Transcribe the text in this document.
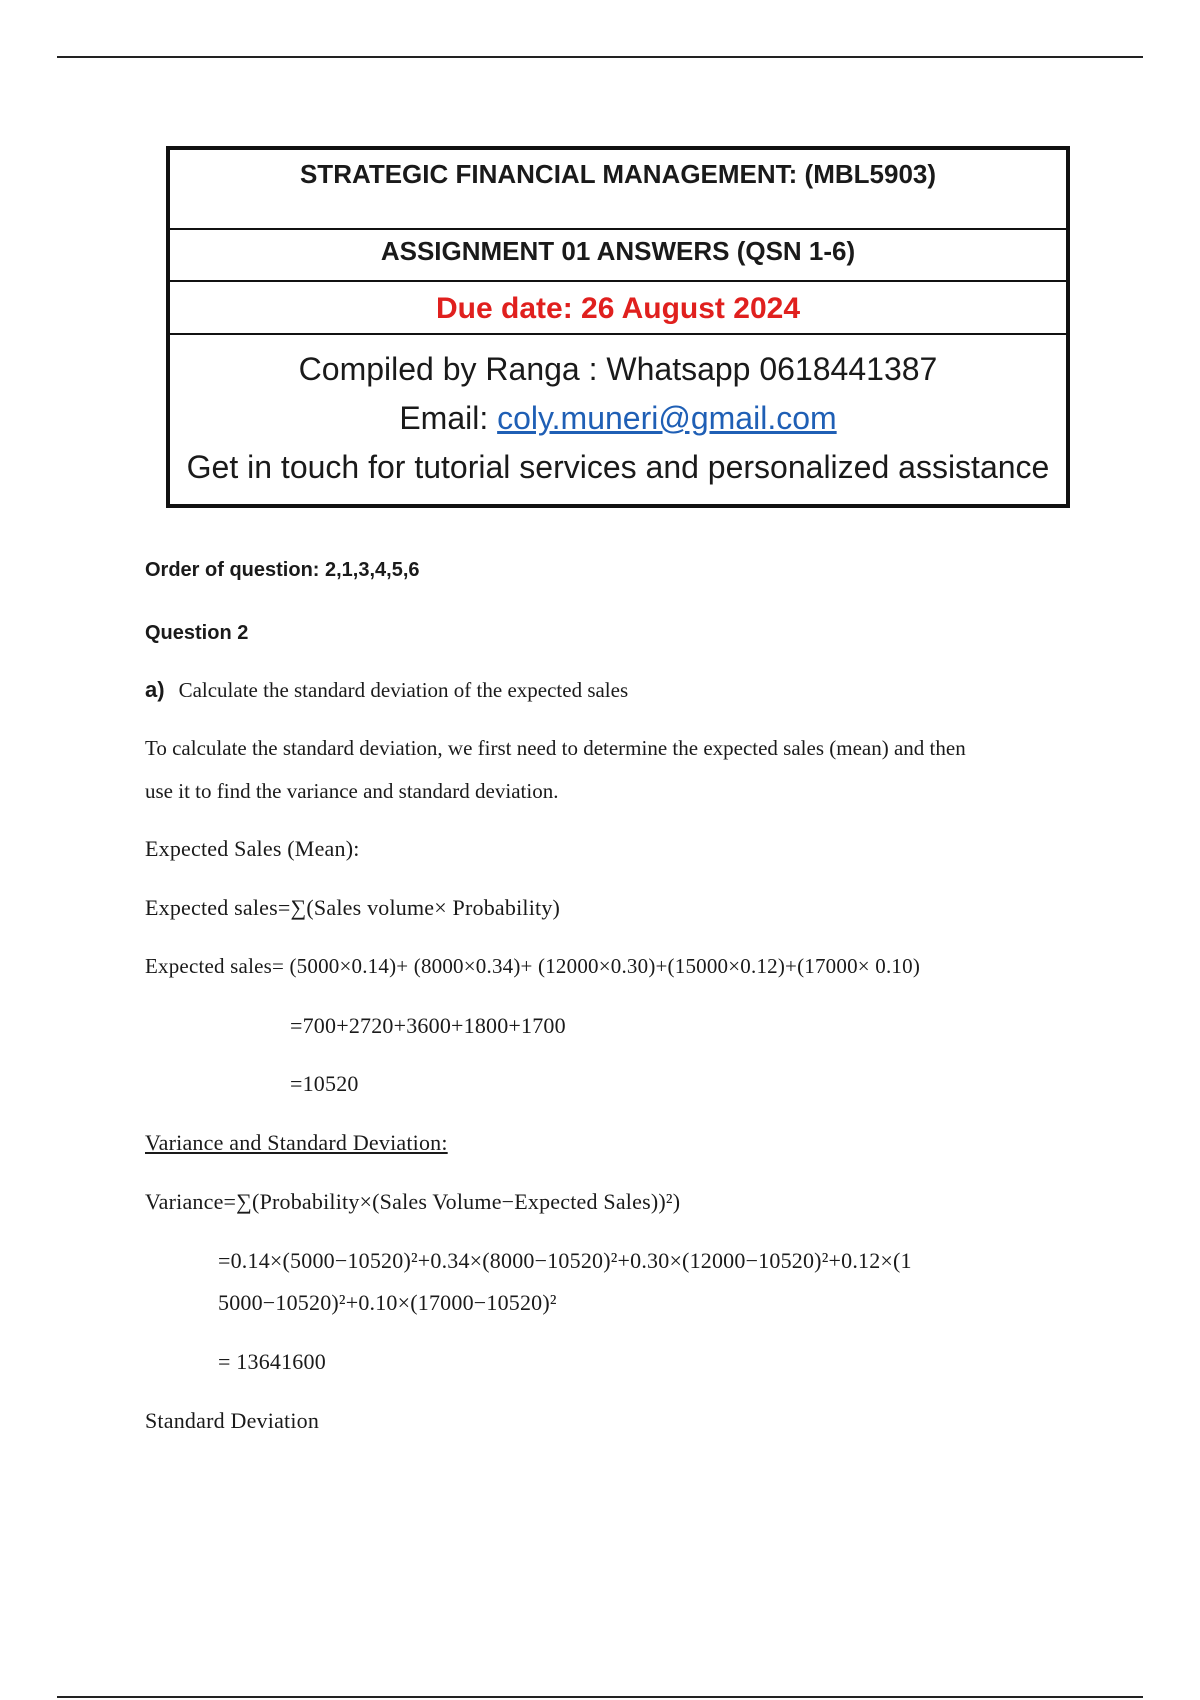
STRATEGIC FINANCIAL MANAGEMENT: (MBL5903)
ASSIGNMENT 01 ANSWERS (QSN 1-6)
Due date: 26 August 2024
Compiled by Ranga : Whatsapp 0618441387
Email: coly.muneri@gmail.com
Get in touch for tutorial services and personalized assistance
Order of question: 2,1,3,4,5,6
Question 2
a) Calculate the standard deviation of the expected sales
To calculate the standard deviation, we first need to determine the expected sales (mean) and then
use it to find the variance and standard deviation.
Expected Sales (Mean):
Expected sales=∑(Sales volume× Probability)
Expected sales= (5000×0.14)+ (8000×0.34)+ (12000×0.30)+(15000×0.12)+(17000× 0.10)
=700+2720+3600+1800+1700
=10520
Variance and Standard Deviation:
Variance=∑(Probability×(Sales Volume−Expected Sales))²)
=0.14×(5000−10520)²+0.34×(8000−10520)²+0.30×(12000−10520)²+0.12×(1
5000−10520)²+0.10×(17000−10520)²
= 13641600
Standard Deviation
